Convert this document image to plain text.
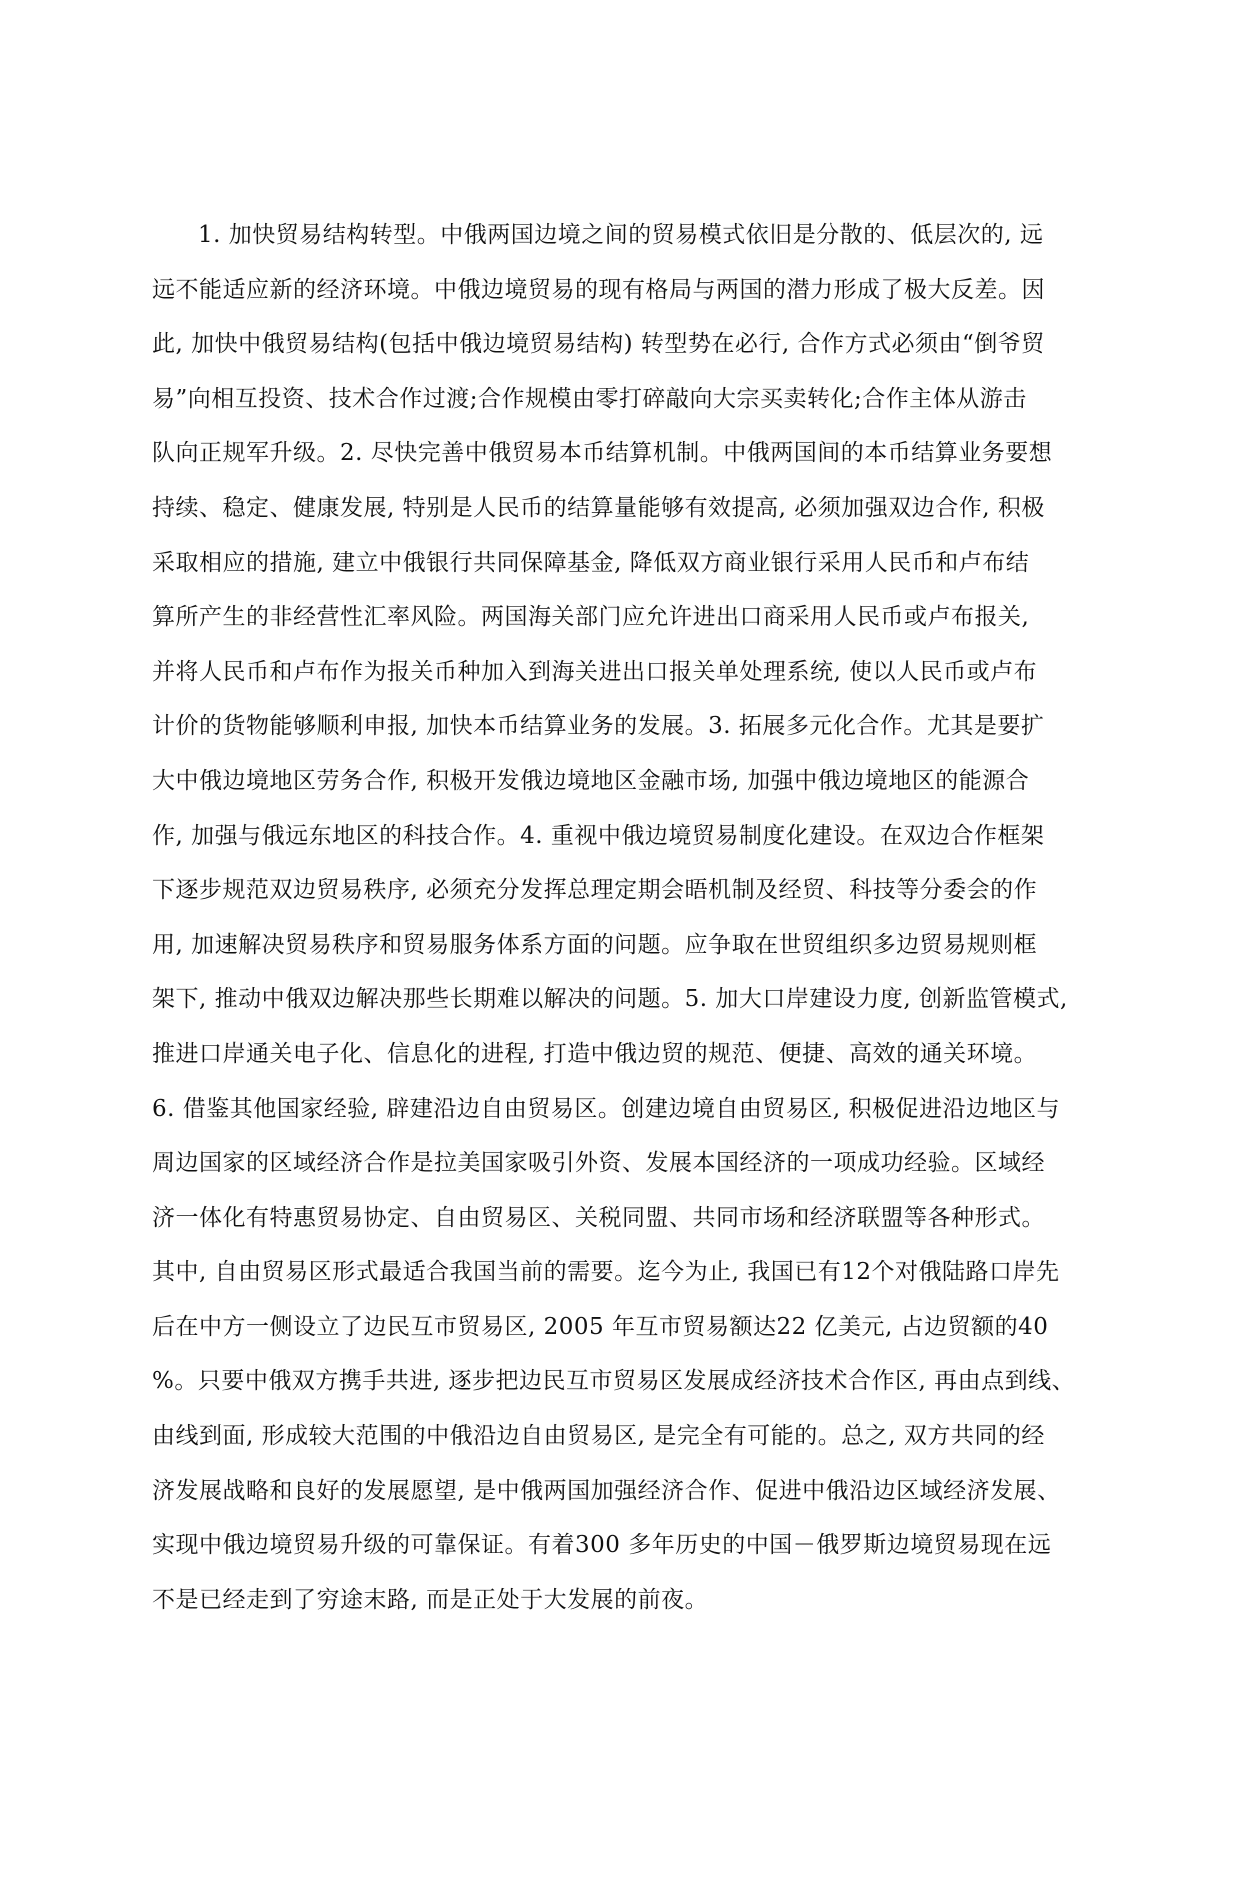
1. 加快贸易结构转型。中俄两国边境之间的贸易模式依旧是分散的、低层次的, 远
远不能适应新的经济环境。中俄边境贸易的现有格局与两国的潜力形成了极大反差。因
此, 加快中俄贸易结构(包括中俄边境贸易结构) 转型势在必行, 合作方式必须由“倒爷贸
易”向相互投资、技术合作过渡;合作规模由零打碎敲向大宗买卖转化;合作主体从游击
队向正规军升级。2. 尽快完善中俄贸易本币结算机制。中俄两国间的本币结算业务要想
持续、稳定、健康发展, 特别是人民币的结算量能够有效提高, 必须加强双边合作, 积极
采取相应的措施, 建立中俄银行共同保障基金, 降低双方商业银行采用人民币和卢布结
算所产生的非经营性汇率风险。两国海关部门应允许进出口商采用人民币或卢布报关,
并将人民币和卢布作为报关币种加入到海关进出口报关单处理系统, 使以人民币或卢布
计价的货物能够顺利申报, 加快本币结算业务的发展。3. 拓展多元化合作。尤其是要扩
大中俄边境地区劳务合作, 积极开发俄边境地区金融市场, 加强中俄边境地区的能源合
作, 加强与俄远东地区的科技合作。4. 重视中俄边境贸易制度化建设。在双边合作框架
下逐步规范双边贸易秩序, 必须充分发挥总理定期会晤机制及经贸、科技等分委会的作
用, 加速解决贸易秩序和贸易服务体系方面的问题。应争取在世贸组织多边贸易规则框
架下, 推动中俄双边解决那些长期难以解决的问题。5. 加大口岸建设力度, 创新监管模式,
推进口岸通关电子化、信息化的进程, 打造中俄边贸的规范、便捷、高效的通关环境。
6. 借鉴其他国家经验, 辟建沿边自由贸易区。创建边境自由贸易区, 积极促进沿边地区与
周边国家的区域经济合作是拉美国家吸引外资、发展本国经济的一项成功经验。区域经
济一体化有特惠贸易协定、自由贸易区、关税同盟、共同市场和经济联盟等各种形式。
其中, 自由贸易区形式最适合我国当前的需要。迄今为止, 我国已有12个对俄陆路口岸先
后在中方一侧设立了边民互市贸易区, 2005 年互市贸易额达22 亿美元, 占边贸额的40
%。只要中俄双方携手共进, 逐步把边民互市贸易区发展成经济技术合作区, 再由点到线、
由线到面, 形成较大范围的中俄沿边自由贸易区, 是完全有可能的。总之, 双方共同的经
济发展战略和良好的发展愿望, 是中俄两国加强经济合作、促进中俄沿边区域经济发展、
实现中俄边境贸易升级的可靠保证。有着300 多年历史的中国－俄罗斯边境贸易现在远
不是已经走到了穷途末路, 而是正处于大发展的前夜。
